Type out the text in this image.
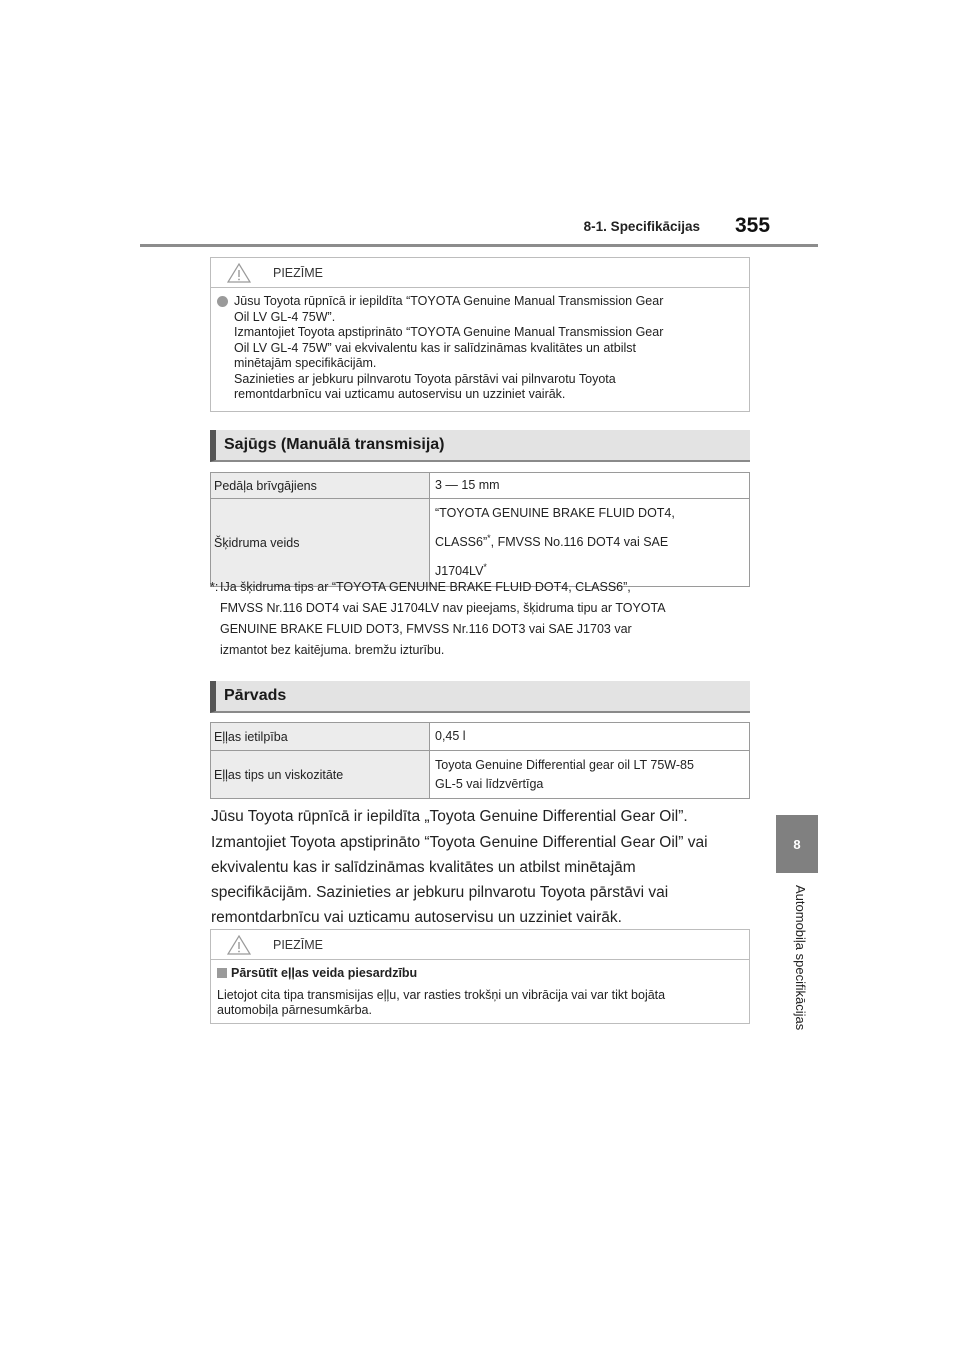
8-1. Specifikācijas 355
8
Automobiļa specifikācijas
PIEZĪME
Jūsu Toyota rūpnīcā ir iepildīta “TOYOTA Genuine Manual Transmission Gear
Oil LV GL-4 75W”.
Izmantojiet Toyota apstiprināto “TOYOTA Genuine Manual Transmission Gear
Oil LV GL-4 75W” vai ekvivalentu kas ir salīdzināmas kvalitātes un atbilst
minētajām specifikācijām.
Sazinieties ar jebkuru pilnvarotu Toyota pārstāvi vai pilnvarotu Toyota
remontdarbnīcu vai uzticamu autoservisu un uzziniet vairāk.
Sajūgs (Manuālā transmisija)
Pedāļa brīvgājiens	3 — 15 mm
Šķidruma veids	“TOYOTA GENUINE BRAKE FLUID DOT4,
CLASS6”*, FMVSS No.116 DOT4 vai SAE
J1704LV*
*: IJa šķidruma tips ar “TOYOTA GENUINE BRAKE FLUID DOT4, CLASS6”,
FMVSS Nr.116 DOT4 vai SAE J1704LV nav pieejams, šķidruma tipu ar TOYOTA
GENUINE BRAKE FLUID DOT3, FMVSS Nr.116 DOT3 vai SAE J1703 var
izmantot bez kaitējuma. bremžu izturību.
Pārvads
Eļļas ietilpība	0,45 l
Eļļas tips un viskozitāte	Toyota Genuine Differential gear oil LT 75W-85
GL-5 vai līdzvērtīga
Jūsu Toyota rūpnīcā ir iepildīta „Toyota Genuine Differential Gear Oil”.
Izmantojiet Toyota apstiprināto “Toyota Genuine Differential Gear Oil” vai
ekvivalentu kas ir salīdzināmas kvalitātes un atbilst minētajām
specifikācijām. Sazinieties ar jebkuru pilnvarotu Toyota pārstāvi vai
remontdarbnīcu vai uzticamu autoservisu un uzziniet vairāk.
PIEZĪME
Pārsūtīt eļļas veida piesardzību
Lietojot cita tipa transmisijas eļļu, var rasties trokšņi un vibrācija vai var tikt bojāta
automobiļa pārnesumkārba.
